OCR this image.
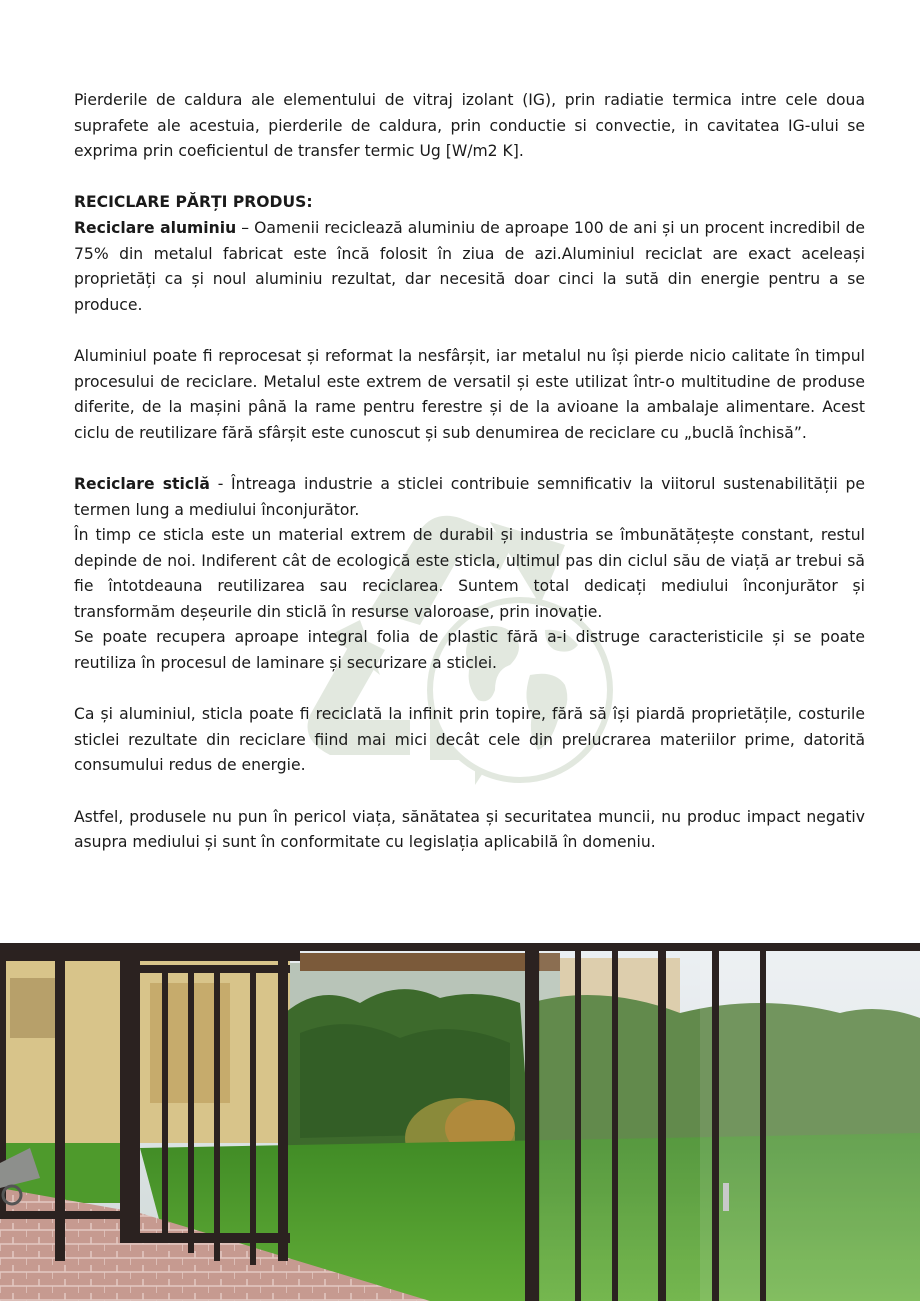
Pierderile de caldura ale elementului de vitraj izolant (IG), prin radiatie termica intre cele doua suprafete ale acestuia, pierderile de caldura, prin conductie si convectie, in cavitatea IG-ului se exprima prin coeficientul de transfer termic Ug [W/m2 K].

RECICLARE PĂRȚI PRODUS:

Reciclare aluminiu – Oamenii reciclează aluminiu de aproape 100 de ani și un procent incredibil de 75% din metalul fabricat este încă folosit în ziua de azi.Aluminiul reciclat are exact aceleași proprietăți ca și noul aluminiu rezultat, dar necesită doar cinci la sută din energie pentru a se produce.

Aluminiul poate fi reprocesat și reformat la nesfârșit, iar metalul nu își pierde nicio calitate în timpul procesului de reciclare. Metalul este extrem de versatil și este utilizat într-o multitudine de produse diferite, de la mașini până la rame pentru ferestre și de la avioane la ambalaje alimentare. Acest ciclu de reutilizare fără sfârșit este cunoscut și sub denumirea de reciclare cu „buclă închisă”.

Reciclare sticlă - Întreaga industrie a sticlei contribuie semnificativ la viitorul sustenabilității pe termen lung a mediului înconjurător.

În timp ce sticla este un material extrem de durabil și industria se îmbunătățește constant, restul depinde de noi. Indiferent cât de ecologică este sticla, ultimul pas din ciclul său de viață ar trebui să fie întotdeauna reutilizarea sau reciclarea. Suntem total dedicați mediului înconjurător și transformăm deșeurile din sticlă în resurse valoroase, prin inovație.

Se poate recupera aproape integral folia de plastic fără a-i distruge caracteristicile și se poate reutiliza în procesul de laminare și securizare a sticlei.

Ca și aluminiul, sticla poate fi reciclată la infinit prin topire, fără să își piardă proprietățile, costurile sticlei rezultate din reciclare fiind mai mici decât cele din prelucrarea materiilor prime, datorită consumului redus de energie.

Astfel, produsele nu pun în pericol viața, sănătatea și securitatea muncii, nu produc impact negativ asupra mediului și sunt în conformitate cu legislația aplicabilă în domeniu.
